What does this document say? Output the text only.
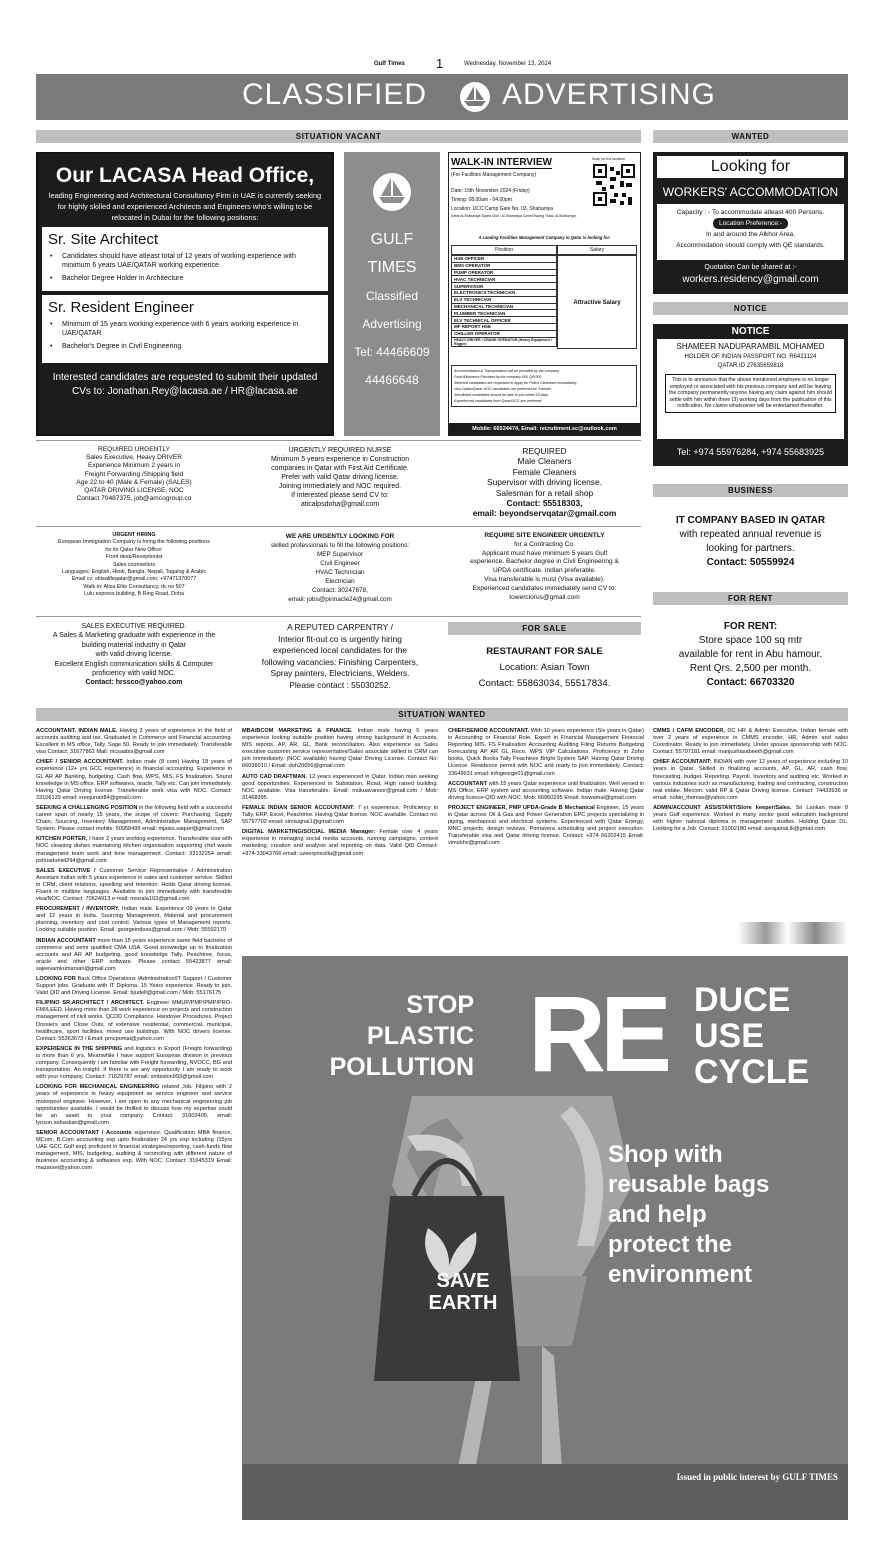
Gulf Times 1	Wednesday, November 13, 2024
CLASSIFIED ADVERTISING
SITUATION VACANT	WANTED
Our LACASA Head Office,
leading Engineering and Architectural Consultancy Firm in UAE is currently seeking for highly skilled and experienced Architects and Engineers who's willing to be relocated in Dubai for the following positions:
Sr. Site Architect
• Candidates should have atleast total of 12 years of working experience with minimum 6 years UAE/QATAR working experience
• Bachelor Degree Holder in Architecture
Sr. Resident Engineer
• Minimum of 15 years working experience with 6 years working experience in UAE/QATAR
• Bachelor's Degree in Civil Engineering
Interested candidates are requested to submit their updated CVs to: Jonathan.Rey@lacasa.ae / HR@lacasa.ae
GULF
TIMES
Classified
Advertising
Tel: 44466609
44466648
WALK-IN INTERVIEW
(For Facilities Management Company)
Scan for the location
Date: 15th November 2024 (Friday)
Timing: 08.00am - 04.00pm
Location: UCC Camp Gate No. 03, Shahaniya
(Near Al-Shahaniya Sports Club / Al-Shahaniya Camel Racing Track, Al-Shahaniya)
A Leading Facilities Management Company in Qatar is looking for:
Position	Salary
HSE OFFICER
BMS OPERATOR
PUMP OPERATOR
HVAC TECHNICIAN
SUPERVISOR
ELECTRONICS TECHNICIAN
ELV TECHNICIAN
MECHANICAL TECHNICIAN
PLUMBER TECHNICIAN
ELV TECHNICAL OFFICER
MF REPORT HSE
CHILLER OPERATOR
HEAVY DRIVER / CRANE OPERATOR (Heavy Equipment / Rigger)
Attractive Salary
Accommodation & Transportation will be provided by the company
Food Allowance Provided by the company 600 QR/300
Selected candidates are requested to apply for Police Clearance immediately
Visa Option/Qatar NOC candidates are preferred for Transfer
Shortlisted candidates should be able to join within 15 days
Experienced candidates from Qatar/GCC are preferred
Mobile: 66524474, Email: recruitment.sc@outlook.com
Looking for
WORKERS' ACCOMMODATION
Capacity : - To accommodate atleast 400 Persons.
Location Preference:-
In and around the Alkhor Area.
Accommodation should comply with QE standards.
Quotation Can be shared at :-
workers.residency@gmail.com
NOTICE
NOTICE
SHAMEER NADUPARAMBIL MOHAMED
HOLDER OF INDIAN PASSPORT NO. R6421124
QATAR ID 27635659818
This is to announce that the above mentioned employee is no longer employed or associated with his previous company and will be leaving the company permanently anyone having any claim against him should settle with him within three (3) working days from the publication of this notification. No claims whatsoever will be entertained thereafter.
Tel: +974 55976284, +974 55683925
BUSINESS
IT COMPANY BASED IN QATAR
with repeated annual revenue is
looking for partners.
Contact: 50559924
FOR RENT
FOR RENT:
Store space 100 sq mtr
available for rent in Abu hamour.
Rent Qrs. 2,500 per month.
Contact: 66703320
REQUIRED URGENTLY
Sales Executive, Heavy DRIVER
Experience Minimum 2 years in
Freight Forwarding /Shipping field
Age 22 to 40 (Male & Female) (SALES)
QATAR DRIVING LICENSE, NOC
Contact 70487375, job@amcogroup.co
URGENTLY REQUIRED NURSE
Minimum 5 years experience in Construction
companies in Qatar with First Aid Certificate.
Prefer with valid Qatar driving license.
Joining immediately and NOC required.
If interested please send CV to:
aticalpsdoha@gmail.com
REQUIRED
Male Cleaners
Female Cleaners
Supervisor with driving license.
Salesman for a retail shop
Contact: 55518303,
email: beyondservqatar@gmail.com
URGENT HIRING
European Immigration Company is hiring the following positions
for its Qatar New Office:
Front desk/Receptionist
Sales counsellors
Languages: English, Hindi, Bangla, Nepali, Tagalog & Arabic
Email cv: elitealifeqatar@gmail.com, +97471370077
Walk in: Alisa Elite Consultancy, dc no 507
Lulu express building, B Ring Road, Doha
WE ARE URGENTLY LOOKING FOR
skilled professionals to fill the following positions:
MEP Supervisor
Civil Engineer
HVAC Technician
Electrician
Contact: 30247878,
email: jobs@pinnacle24@gmail.com
REQUIRE SITE ENGINEER URGENTLY
for a Contracting Co.
Applicant must have minimum 5 years Gulf
experience. Bachelor degree in Civil Engineering &
UPDA certificate. Indian preferable.
Visa transferable is must (Visa available).
Experienced candidates immediately send CV to:
towerclorus@gmail.com
SALES EXECUTIVE REQUIRED.
A Sales & Marketing graduate with experience in the
building material industry in Qatar
with valid driving license.
Excellent English communication skills & Computer
proficiency with valid NOC.
Contact: hrssco@yahoo.com
A REPUTED CARPENTRY /
Interior fit-out co is urgently hiring
experienced local candidates for the
following vacancies: Finishing Carpenters,
Spray painters, Electricians, Welders.
Please contact : 55030252.
FOR SALE
RESTAURANT FOR SALE
Location: Asian Town
Contact: 55863034, 55517834.
SITUATION WANTED

ACCOUNTANT, INDIAN MALE. Having 3 years of experience in the field of accounts auditing and tax. Graduated in Commerce and Financial accounting. Excellent in MS office, Tally, Sage 50. Ready to join immediately. Transferable visa Contact: 31677862 Mail: mcsaabis@gmail.com

CHIEF / SENIOR ACCOUNTANT. Indian male (8 com) Having 18 years of experience (12+ yrs GCC experience) in financial accounting. Experience in GL AR AP Banking, budgeting, Cash flow, WPS, MIS, FS finalization. Sound knowledge in MS office, ERP softwares, oracle, Tally etc. Can join immediately. Having Qatar Driving license. Transferable work visa with NOC. Contact: 33106139 email: sreejunair84@gmail.com

SEEKING A CHALLENGING POSITION in the following field with a successful career span of nearly 15 years, the scope of covers: Purchasing, Supply Chain, Sourcing, Inventory Management, Administrative Management, SAP System. Please contact mobile: 50958499 email: mjales.saquel@gmail.com

KITCHEN PORTER, I have 2 years working experience. Transferable visa with NOC cleaning dishes maintaining kitchen organisation supporting chef waste management team work and time management. Contact: 33132254 email: pshuaduniel294@gmail.com

SALES EXECUTIVE / Customer Service Representative / Administration Assistant Indian with 5 years experience in sales and customer service. Skilled in CRM, client relations, upselling and retention. Holds Qatar driving license. Fluent in multiple languages. Available to join immediately with transferable visa/NOC. Contact: 70624913 e-mail: nourala103@gmail.com

PROCUREMENT / INVENTORY. Indian male. Experience 09 years in Qatar and 12 years in India. Sourcing Management, Material and procurement planning, inventory and cost control. Various types of Management reports. Looking suitable position. Email: georgeindoes@gmail.com / Mob: 55592170

INDIAN ACCOUNTANT more than 15 years experience same field bachelor of commerce and semi qualified CMA USA. Good knowledge up to finalization accounts and AR AP budgeting, good knowledge Tally, Peachtree, focus, oracle and other ERP software. Please contact 55423877 email: sajeevamkumarsan@gmail.com

LOOKING FOR Back Office Operations /Administration/IT Support / Customer Support jobs. Graduate with IT Diploma. 15 Years experience. Ready to join. Valid QID and Driving License. Email: bjudell@gmail.com / Mob: 55176175

FILIPINO SR.ARCHITECT / ARCHITECT. Engineer MMUP/PMP/PMP/PRO-FMI/LEED. Having more than 28 work experience on projects and construction management of civil works. QCDD Compliance. Handover Procedures. Project Dossiers and Close Outs, of extensive residential, commercial, municipal, healthcare, sport facilities, mixed use buildings. With NOC drivers license. Contact: 55363673 / Email: pmcpomai@yahoo.com

EXPERIENCE IN THE SHIPPING and logistics in Export (Freight forwarding) is more than 6 yrs. Meanwhile I have support European division in previous company. Consequently I am familiar with Freight forwarding, NVOCC, BG and transportation. An insight. If there is are any opportunity I am ready to work with your company. Contact: 71629787 email: smbishin993@gmail.com

LOOKING FOR MECHANICAL ENGINEERING related Job. Filipino with 2 years of experience in heavy equipment as service engineer and service motorpool engineer. However, I am open to any mechanical engineering job opportunities available. I would be thrilled to discuss how my expertise could be an asset to your company. Contact: 31603405, email: lynson.sebastian@gmail.com

SENIOR ACCOUNTANT / Accounts supervisor. Qualification MBA finance, MCom, B.Com accounting exp upto finalization 24 yrs exp including (15yrs UAE GCC Gulf exp) proficient in financial strategies/reporting, cash-funds flow management, MIS, budgeting, auditing & reconciling with different nature of business accounting & softwares exp. With NOC. Contact: 31645319 Email: mazarset@yahoo.com

MBA/BCOM MARKETING & FINANCE. Indian male having 5 years experience looking suitable position having strong background in Accounts, MIS reports, AP, AR, GL, Bank reconciliation. Also experience as Sales executive customer service representative/Sales associate skilled in CRM can join immediately. (NOC available) having Qatar Driving License. Contact No: 66036010 / Email: doh20656@gmail.com

AUTO CAD DRAFTMAN. 12 years experienced in Qatar. Indian man seeking good opportunities. Experienced in Substation, Road, High raised building. NOC available. Visa transferable. Email: mukuavanoor@gmail.com / Mob: 31468395

FEMALE INDIAN SENIOR ACCOUNTANT: 7 yr experience. Proficiency in Tally, ERP, Excel, Peachtree. Having Qatar license. NOC available. Contact no: 55797702 email: simisajnai1@gmail.com

DIGITAL MARKETING/SOCIAL MEDIA Manager: Female over 4 years experience in managing social media accounts, running campaigns, content marketing, creation and analysis and reporting on data. Valid QID Contact: +974-33043766 email: uzeerpriscilla@gmail.com

CHIEF/SENIOR ACCOUNTANT. With 10 years experience (Six years in Qatar) in Accounting or Financial Role. Expert in Financial Management Financial Reporting MIS. FS Finalisation Accounting Auditing Filing Returns Budgeting Forecasting AP AR GL Reco. WPS VIP Calculations. Proficiency in Zoho books, Quick Books Tally Peachtree Bright System SAP. Having Qatar Driving Licence. Residence permit with NOC and ready to join immediately. Contact: 33649931 email: infogeorge01@gmail.com

ACCOUNTANT with 15 years Qatar experience until finalization. Well versed in MS Office, ERP system and accounting software. Indian male. Having Qatar driving licence-QID with NOC. Mob: 66960295 Email: biswamal@gmail.com

PROJECT ENGINEER, PMP UPDA-Grade B Mechanical Engineer, 15 years in Qatar across Oil & Gas and Power Generation EPC projects specializing in piping, mechanical and electrical systems. Experienced with Qatar Energy, MNC projects, design reviews, Primavera scheduling and project execution. Transferable visa and Qatar driving license. Contact: +974 66202415 Email: vimsbhv@gmail.com

CMMS / CAFM ENCODER, DC HR & Admin Executive. Indian female with over 2 years of experience in CMMS encoder, HR, Admin and sales Coordinator. Ready to join immediately. Under spouse sponsorship with NOC. Contact: 55797181 email: manjushasabeeth@gmail.com

CHIEF ACCOUNTANT: INDIAN with over 12 years of experience including 10 years in Qatar. Skilled in finalizing accounts, AP, GL, AR, cash flow, forecasting, budget. Reporting. Payroll. Inventory and auditing etc. Worked in various industries such as manufacturing, trading and contracting, construction real estate. Mecom. valid RP & Qatar Driving license. Contact: 74433936 or email: nobin_thomas@yahoo.com

ADMIN/ACCOUNT ASSISTANT/Store keeper/Sales. Sri Lankan male 8 years Gulf experience. Worked in many sector good education background with higher national diploma in management studies. Holding Qatar DL. Looking for a Job. Contact: 31002180 email: asrajainal.lk@gmail.com

STOP
PLASTIC
POLLUTION RE DUCE
USE
CYCLE
SAVE
EARTH
Shop with
reusable bags
and help
protect the
environment
Issued in public interest by GULF TIMES
